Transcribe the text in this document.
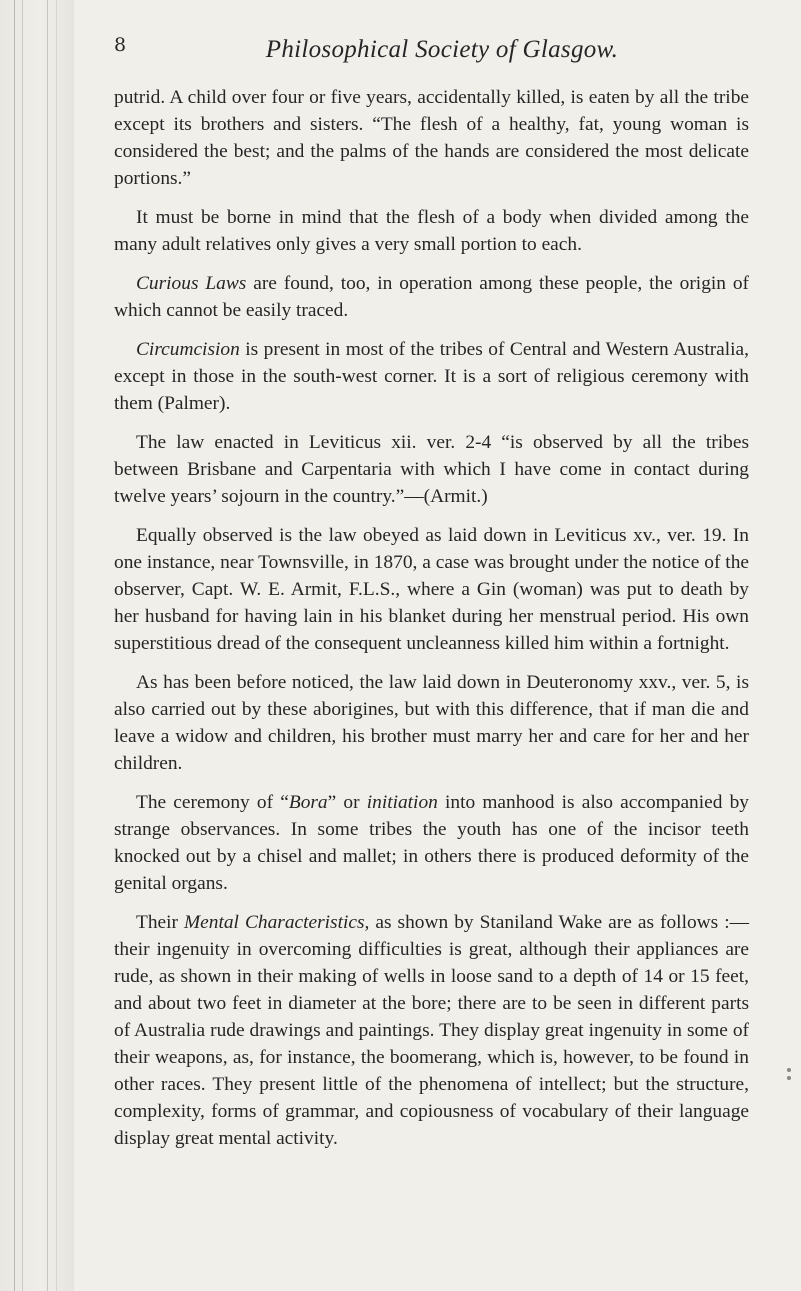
8	Philosophical Society of Glasgow.

putrid. A child over four or five years, accidentally killed, is eaten by all the tribe except its brothers and sisters. “The flesh of a healthy, fat, young woman is considered the best; and the palms of the hands are considered the most delicate portions.”

It must be borne in mind that the flesh of a body when divided among the many adult relatives only gives a very small portion to each.

Curious Laws are found, too, in operation among these people, the origin of which cannot be easily traced.

Circumcision is present in most of the tribes of Central and Western Australia, except in those in the south-west corner. It is a sort of religious ceremony with them (Palmer).

The law enacted in Leviticus xii. ver. 2-4 “is observed by all the tribes between Brisbane and Carpentaria with which I have come in contact during twelve years’ sojourn in the country.”—(Armit.)

Equally observed is the law obeyed as laid down in Leviticus xv., ver. 19. In one instance, near Townsville, in 1870, a case was brought under the notice of the observer, Capt. W. E. Armit, F.L.S., where a Gin (woman) was put to death by her husband for having lain in his blanket during her menstrual period. His own superstitious dread of the consequent uncleanness killed him within a fortnight.

As has been before noticed, the law laid down in Deuteronomy xxv., ver. 5, is also carried out by these aborigines, but with this difference, that if man die and leave a widow and children, his brother must marry her and care for her and her children.

The ceremony of “Bora” or initiation into manhood is also accompanied by strange observances. In some tribes the youth has one of the incisor teeth knocked out by a chisel and mallet; in others there is produced deformity of the genital organs.

Their Mental Characteristics, as shown by Staniland Wake are as follows :—their ingenuity in overcoming difficulties is great, although their appliances are rude, as shown in their making of wells in loose sand to a depth of 14 or 15 feet, and about two feet in diameter at the bore; there are to be seen in different parts of Australia rude drawings and paintings. They display great ingenuity in some of their weapons, as, for instance, the boomerang, which is, however, to be found in other races. They present little of the phenomena of intellect; but the structure, complexity, forms of grammar, and copiousness of vocabulary of their language display great mental activity.
